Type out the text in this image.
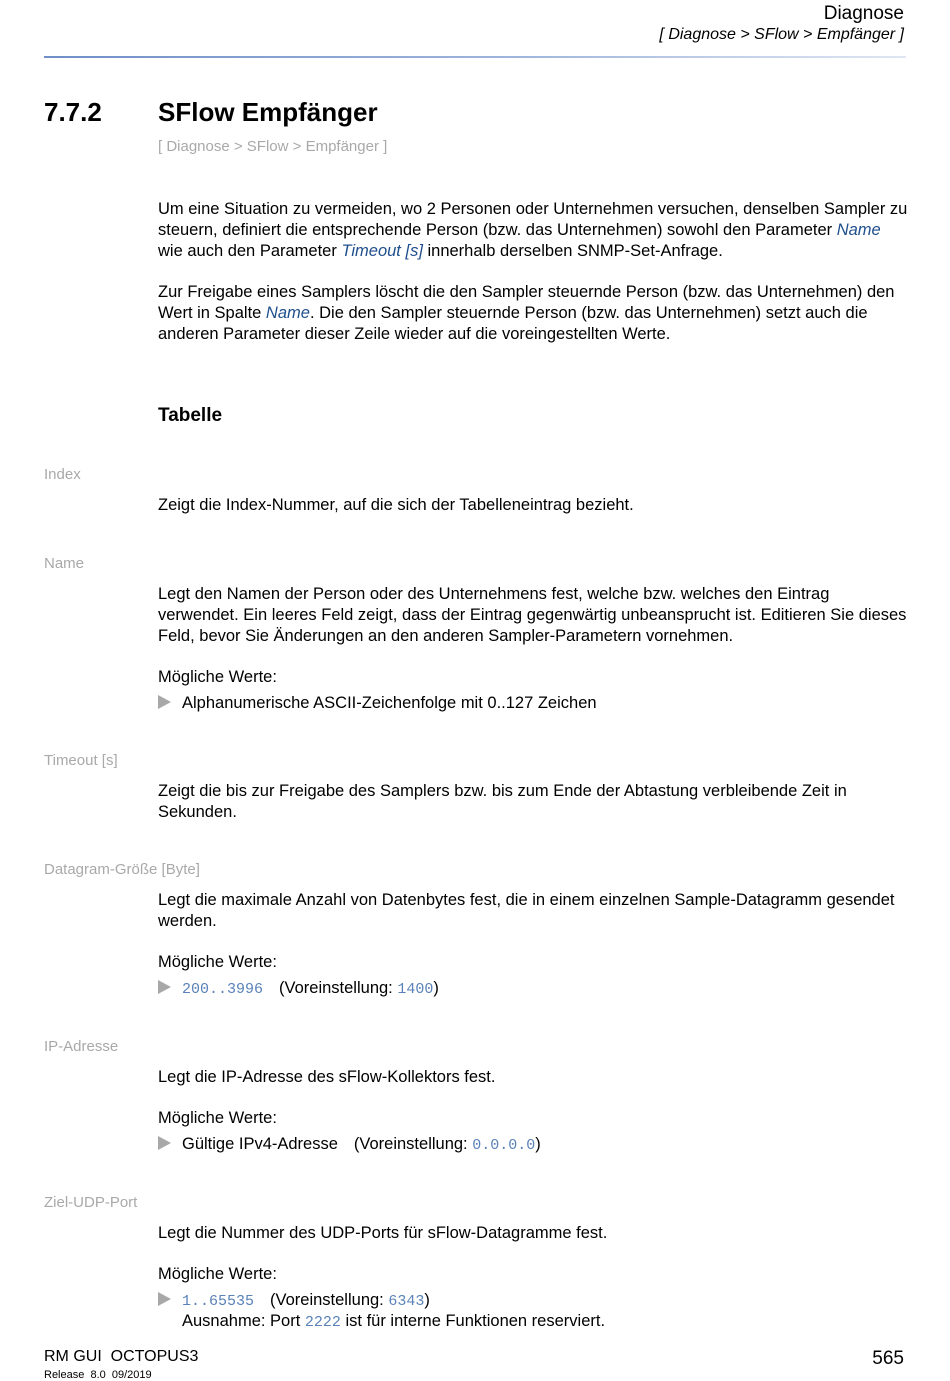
Diagnose
[ Diagnose > SFlow > Empfänger ]
7.7.2 SFlow Empfänger
[ Diagnose > SFlow > Empfänger ]
Um eine Situation zu vermeiden, wo 2 Personen oder Unternehmen versuchen, denselben Sampler zu steuern, definiert die entsprechende Person (bzw. das Unternehmen) sowohl den Parameter Name wie auch den Parameter Timeout [s] innerhalb derselben SNMP-Set-Anfrage.
Zur Freigabe eines Samplers löscht die den Sampler steuernde Person (bzw. das Unternehmen) den Wert in Spalte Name. Die den Sampler steuernde Person (bzw. das Unternehmen) setzt auch die anderen Parameter dieser Zeile wieder auf die voreingestellten Werte.
Tabelle
Index
Zeigt die Index-Nummer, auf die sich der Tabelleneintrag bezieht.
Name
Legt den Namen der Person oder des Unternehmens fest, welche bzw. welches den Eintrag verwendet. Ein leeres Feld zeigt, dass der Eintrag gegenwärtig unbeansprucht ist. Editieren Sie dieses Feld, bevor Sie Änderungen an den anderen Sampler-Parametern vornehmen.
Mögliche Werte:
Alphanumerische ASCII-Zeichenfolge mit 0..127 Zeichen
Timeout [s]
Zeigt die bis zur Freigabe des Samplers bzw. bis zum Ende der Abtastung verbleibende Zeit in Sekunden.
Datagram-Größe [Byte]
Legt die maximale Anzahl von Datenbytes fest, die in einem einzelnen Sample-Datagramm gesendet werden.
Mögliche Werte:
200..3996 (Voreinstellung: 1400)
IP-Adresse
Legt die IP-Adresse des sFlow-Kollektors fest.
Mögliche Werte:
Gültige IPv4-Adresse (Voreinstellung: 0.0.0.0)
Ziel-UDP-Port
Legt die Nummer des UDP-Ports für sFlow-Datagramme fest.
Mögliche Werte:
1..65535 (Voreinstellung: 6343)
Ausnahme: Port 2222 ist für interne Funktionen reserviert.
RM GUI  OCTOPUS3
Release  8.0  09/2019
565
